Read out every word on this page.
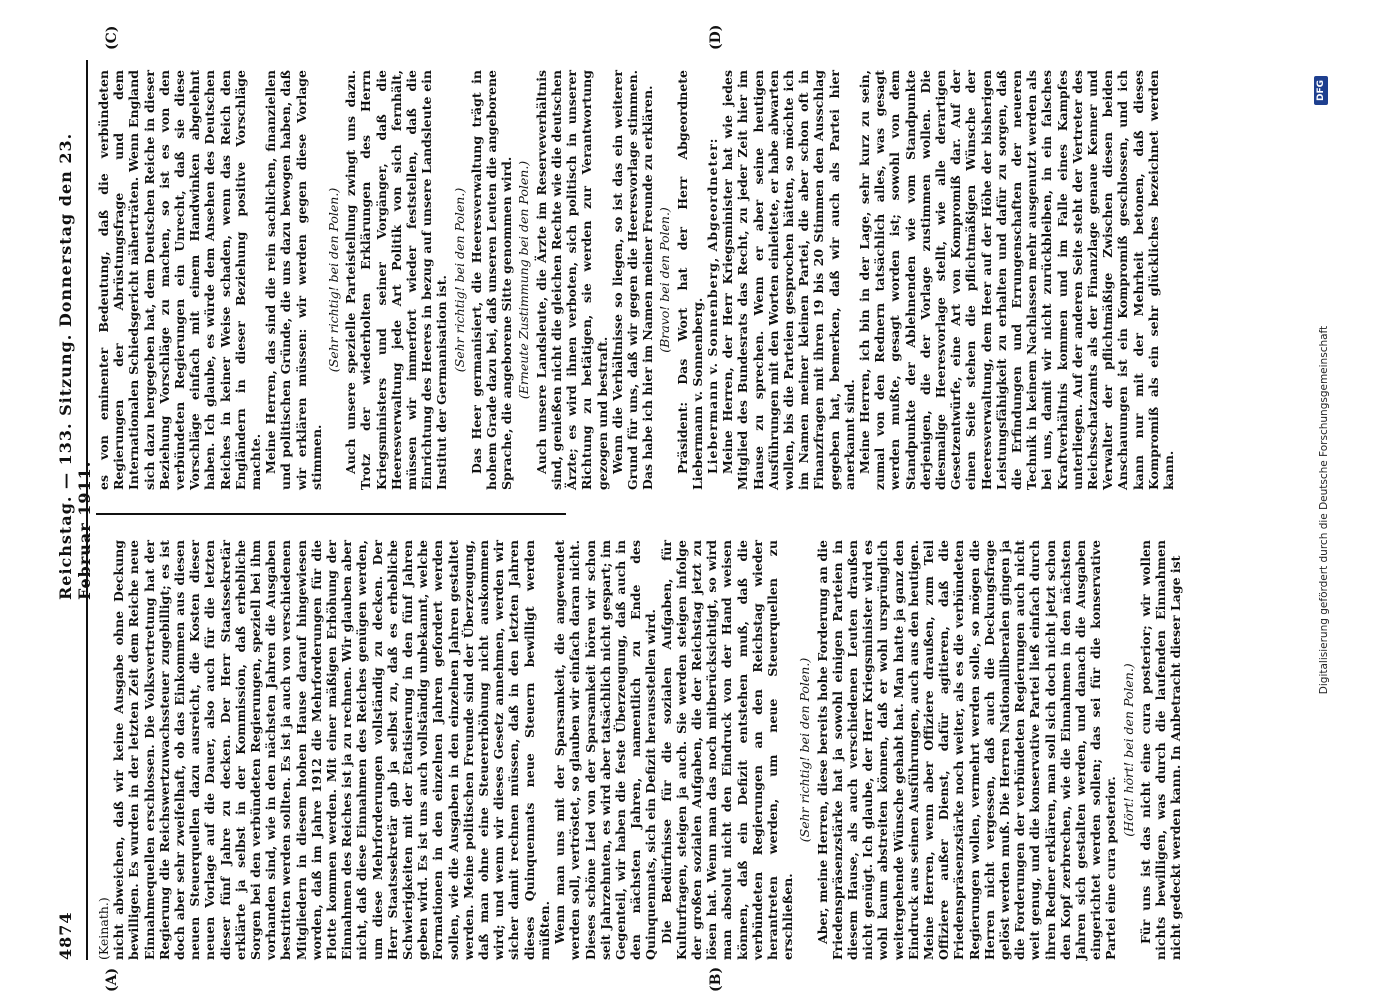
4874
Reichstag. — 133. Sitzung. Donnerstag den 23. Februar 1911.
(A)	(B)
(C)	(D)

(Keinath.) nicht abweichen, daß wir keine Ausgabe ohne Deckung bewilligen. Es wurden in der letzten Zeit dem Reiche neue Einnahmequellen erschlossen. Die Volksvertretung hat der Regierung die Reichswertzuwachssteuer zugebilligt; es ist doch aber sehr zweifelhaft, ob das Einkommen aus diesen neuen Steuerquellen dazu ausreicht, die Kosten dieser neuen Vorlage auf die Dauer, also auch für die letzten dieser fünf Jahre zu decken. Der Herr Staatssekretär erklärte ja selbst in der Kommission, daß erhebliche Sorgen bei den verbündeten Regierungen, speziell bei ihm vorhanden sind, wie in den nächsten Jahren die Ausgaben bestritten werden sollten. Es ist ja auch von verschiedenen Mitgliedern in diesem hohen Hause darauf hingewiesen worden, daß im Jahre 1912 die Mehrforderungen für die Flotte kommen werden. Mit einer mäßigen Erhöhung der Einnahmen des Reiches ist ja zu rechnen. Wir glauben aber nicht, daß diese Einnahmen des Reiches genügen werden, um diese Mehrforderungen vollständig zu decken. Der Herr Staatssekretär gab ja selbst zu, daß es erhebliche Schwierigkeiten mit der Etatisierung in den fünf Jahren geben wird. Es ist uns auch vollständig unbekannt, welche Formationen in den einzelnen Jahren gefordert werden sollen, wie die Ausgaben in den einzelnen Jahren gestaltet werden. Meine politischen Freunde sind der Überzeugung, daß man ohne eine Steuererhöhung nicht auskommen wird; und wenn wir dieses Gesetz annehmen, werden wir sicher damit rechnen müssen, daß in den letzten Jahren dieses Quinquennats neue Steuern bewilligt werden müßten. Wenn man uns mit der Sparsamkeit, die angewendet werden soll, vertröstet, so glauben wir einfach daran nicht. Dieses schöne Lied von der Sparsamkeit hören wir schon seit Jahrzehnten, es wird aber tatsächlich nicht gespart; im Gegenteil, wir haben die feste Überzeugung, daß auch in den nächsten Jahren, namentlich zu Ende des Quinquennats, sich ein Defizit herausstellen wird. Die Bedürfnisse für die sozialen Aufgaben, für Kulturfragen, steigen ja auch. Sie werden steigen infolge der großen sozialen Aufgaben, die der Reichstag jetzt zu lösen hat. Wenn man das noch mitberücksichtigt, so wird man absolut nicht den Eindruck von der Hand weisen können, daß ein Defizit entstehen muß, daß die verbündeten Regierungen an den Reichstag wieder herantreten werden, um neue Steuerquellen zu erschließen.

(Sehr richtig! bei den Polen.) Aber, meine Herren, diese bereits hohe Forderung an die Friedenspräsenzstärke hat ja sowohl einigen Parteien in diesem Hause, als auch verschiedenen Leuten draußen nicht genügt. Ich glaube, der Herr Kriegsminister wird es wohl kaum abstreiten können, daß er wohl ursprünglich weitergehende Wünsche gehabt hat. Man hatte ja ganz den Eindruck aus seinen Ausführungen, auch aus den heutigen. Meine Herren, wenn aber Offiziere draußen, zum Teil Offiziere außer Dienst, dafür agitieren, daß die Friedenspräsenzstärke noch weiter, als es die verbündeten Regierungen wollen, vermehrt werden solle, so mögen die Herren nicht vergessen, daß auch die Deckungsfrage gelöst werden muß. Die Herren Nationalliberalen gingen ja die Forderungen der verbündeten Regierungen auch nicht weit genug, und die konservative Partei ließ einfach durch ihren Redner erklären, man soll sich doch nicht jetzt schon den Kopf zerbrechen, wie die Einnahmen in den nächsten Jahren sich gestalten werden, und danach die Ausgaben eingerichtet werden sollen; das sei für die konservative Partei eine cura posterior.

(Hört! hört! bei den Polen.) Für uns ist das nicht eine cura posterior; wir wollen nichts bewilligen, was durch die laufenden Einnahmen nicht gedeckt werden kann. In Anbetracht dieser Lage ist

es von eminenter Bedeutung, daß die verbündeten Regierungen der Abrüstungsfrage und dem Internationalen Schiedsgericht näherträten. Wenn England sich dazu hergegeben hat, dem Deutschen Reiche in dieser Beziehung Vorschläge zu machen, so ist es von den verbündeten Regierungen ein Unrecht, daß sie diese Vorschläge einfach mit einem Handwinken abgelehnt haben. Ich glaube, es würde dem Ansehen des Deutschen Reiches in keiner Weise schaden, wenn das Reich den Engländern in dieser Beziehung positive Vorschläge machte. Meine Herren, das sind die rein sachlichen, finanziellen und politischen Gründe, die uns dazu bewogen haben, daß wir erklären müssen: wir werden gegen diese Vorlage stimmen.

(Sehr richtig! bei den Polen.) Auch unsere spezielle Parteistellung zwingt uns dazu. Trotz der wiederholten Erklärungen des Herrn Kriegsministers und seiner Vorgänger, daß die Heeresverwaltung jede Art Politik von sich fernhält, müssen wir immerfort wieder feststellen, daß die Einrichtung des Heeres in bezug auf unsere Landsleute ein Institut der Germanisation ist. (Sehr richtig! bei den Polen.) Das Heer germanisiert, die Heeresverwaltung trägt in hohem Grade dazu bei, daß unseren Leuten die angeborene Sprache, die angeborene Sitte genommen wird. (Erneute Zustimmung bei den Polen.) Auch unsere Landsleute, die Ärzte im Reserveverhältnis sind, genießen nicht die gleichen Rechte wie die deutschen Ärzte; es wird ihnen verboten, sich politisch in unserer Richtung zu betätigen, sie werden zur Verantwortung gezogen und bestraft. Wenn die Verhältnisse so liegen, so ist das ein weiterer Grund für uns, daß wir gegen die Heeresvorlage stimmen. Das habe ich hier im Namen meiner Freunde zu erklären. (Bravo! bei den Polen.) Präsident: Das Wort hat der Herr Abgeordnete Liebermann v. Sonnenberg. Liebermann v. Sonnenberg, Abgeordneter: Meine Herren, der Herr Kriegsminister hat wie jedes Mitglied des Bundesrats das Recht, zu jeder Zeit hier im Hause zu sprechen. Wenn er aber seine heutigen Ausführungen mit den Worten einleitete, er habe abwarten wollen, bis die Parteien gesprochen hätten, so möchte ich im Namen meiner kleinen Partei, die aber schon oft in Finanzfragen mit ihren 19 bis 20 Stimmen den Ausschlag gegeben hat, bemerken, daß wir auch als Partei hier anerkannt sind. Meine Herren, ich bin in der Lage, sehr kurz zu sein, zumal von den Rednern tatsächlich alles, was gesagt werden mußte, gesagt worden ist; sowohl von dem Standpunkte der Ablehnenden wie vom Standpunkte derjenigen, die der Vorlage zustimmen wollen. Die diesmalige Heeresvorlage stellt, wie alle derartigen Gesetzentwürfe, eine Art von Kompromiß dar. Auf der einen Seite stehen die pflichtmäßigen Wünsche der Heeresverwaltung, dem Heer auf der Höhe der bisherigen Leistungsfähigkeit zu erhalten und dafür zu sorgen, daß die Erfindungen und Errungenschaften der neueren Technik in keinem Nachlassen mehr ausgenutzt werden als bei uns, damit wir nicht zurückbleiben, in ein falsches Kraftverhältnis kommen und im Falle eines Kampfes unterliegen. Auf der anderen Seite steht der Vertreter des Reichsschatzamts als der Finanzlage genaue Kenner und Verwalter der pflichtmäßige Zwischen diesen beiden Anschauungen ist ein Kompromiß geschlossen, und ich kann nur mit der Mehrheit betonen, daß dieses Kompromiß als ein sehr glückliches bezeichnet werden kann.	Digitalisierung gefördert durch die Deutsche Forschungsgemeinschaft
DFG
